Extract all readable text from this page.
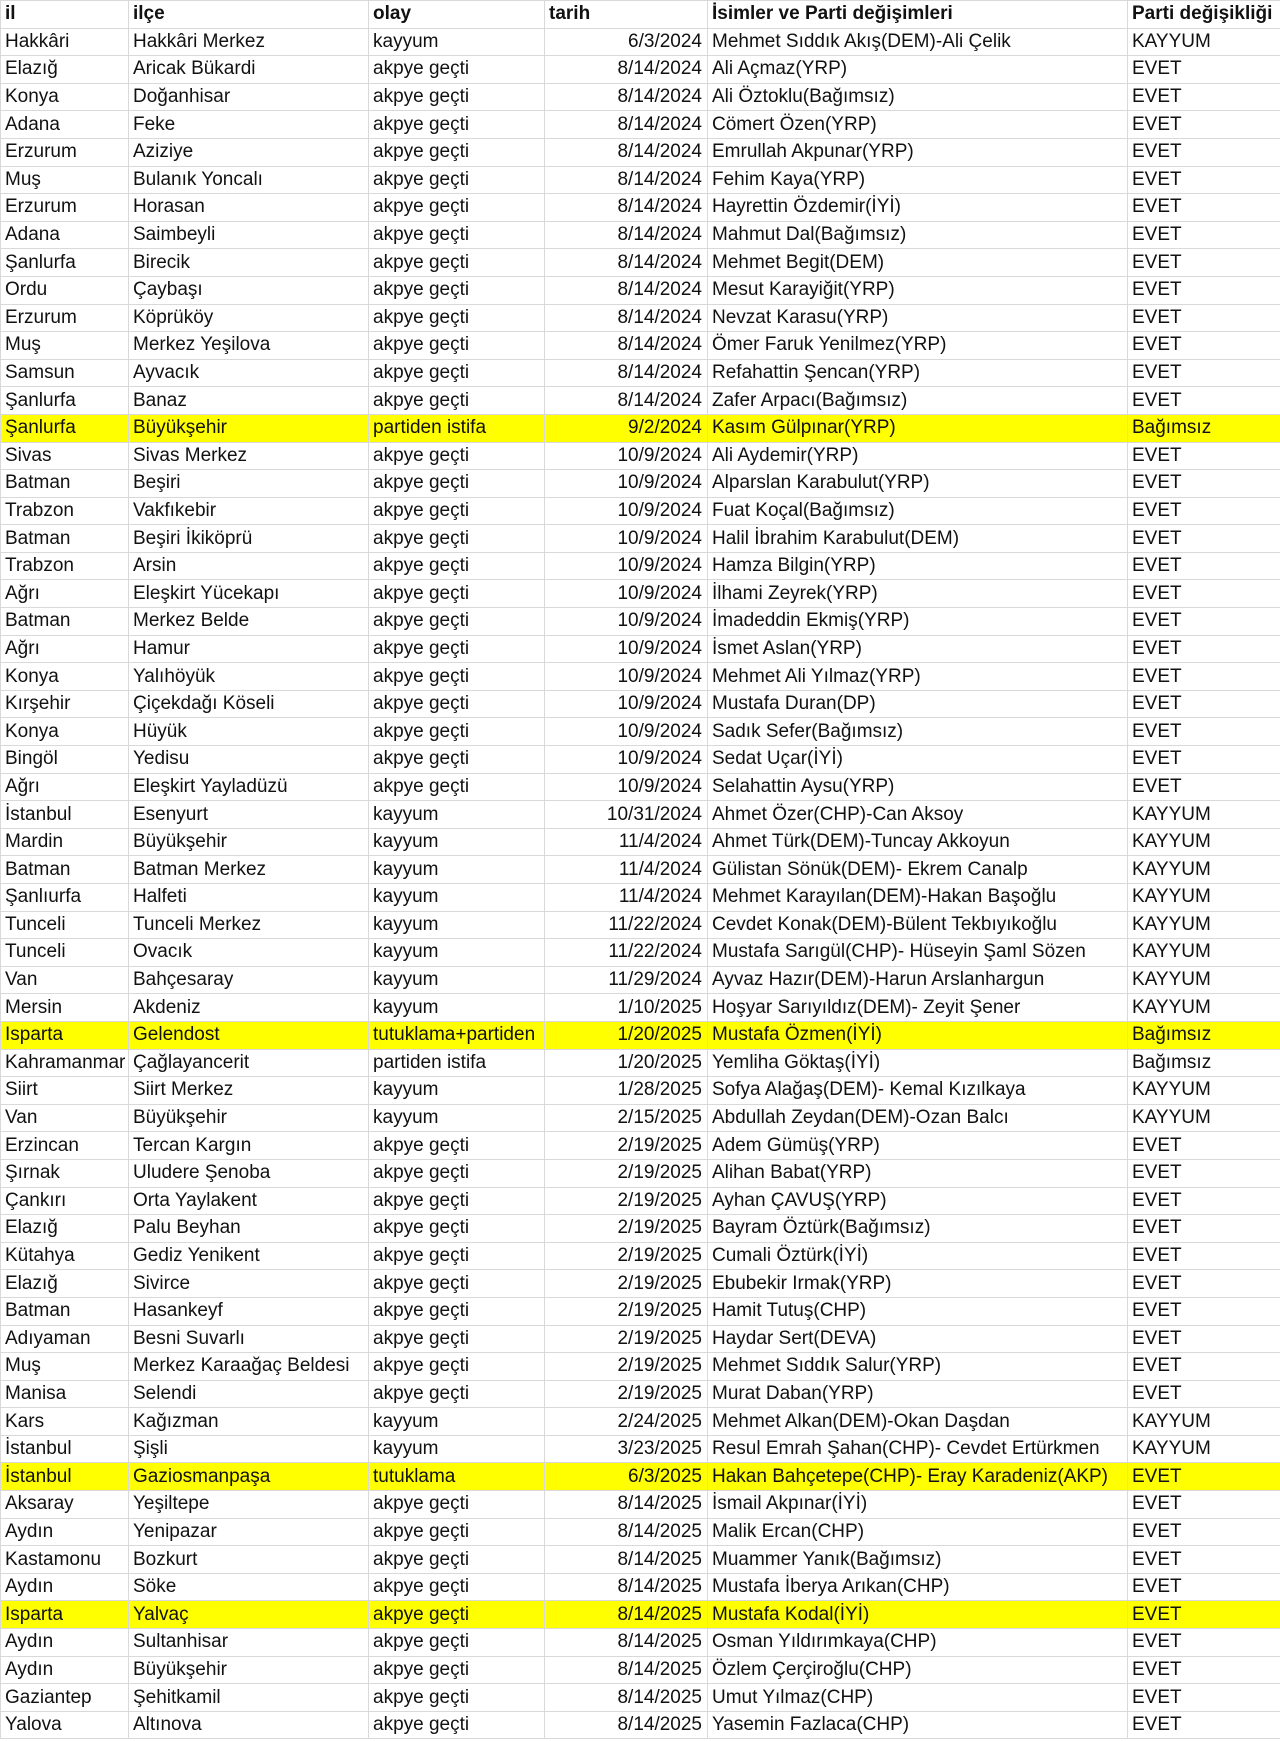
il	ilçe	olay	tarih	İsimler ve Parti değişimleri	Parti değişikliği
Hakkâri	Hakkâri Merkez	kayyum	6/3/2024	Mehmet Sıddık Akış(DEM)-Ali Çelik	KAYYUM
Elazığ	Aricak Bükardi	akpye geçti	8/14/2024	Ali Açmaz(YRP)	EVET
Konya	Doğanhisar	akpye geçti	8/14/2024	Ali Öztoklu(Bağımsız)	EVET
Adana	Feke	akpye geçti	8/14/2024	Cömert Özen(YRP)	EVET
Erzurum	Aziziye	akpye geçti	8/14/2024	Emrullah Akpunar(YRP)	EVET
Muş	Bulanık Yoncalı	akpye geçti	8/14/2024	Fehim Kaya(YRP)	EVET
Erzurum	Horasan	akpye geçti	8/14/2024	Hayrettin Özdemir(İYİ)	EVET
Adana	Saimbeyli	akpye geçti	8/14/2024	Mahmut Dal(Bağımsız)	EVET
Şanlurfa	Birecik	akpye geçti	8/14/2024	Mehmet Begit(DEM)	EVET
Ordu	Çaybaşı	akpye geçti	8/14/2024	Mesut Karayiğit(YRP)	EVET
Erzurum	Köprüköy	akpye geçti	8/14/2024	Nevzat Karasu(YRP)	EVET
Muş	Merkez Yeşilova	akpye geçti	8/14/2024	Ömer Faruk Yenilmez(YRP)	EVET
Samsun	Ayvacık	akpye geçti	8/14/2024	Refahattin Şencan(YRP)	EVET
Şanlurfa	Banaz	akpye geçti	8/14/2024	Zafer Arpacı(Bağımsız)	EVET
Şanlurfa	Büyükşehir	partiden istifa	9/2/2024	Kasım Gülpınar(YRP)	Bağımsız
Sivas	Sivas Merkez	akpye geçti	10/9/2024	Ali Aydemir(YRP)	EVET
Batman	Beşiri	akpye geçti	10/9/2024	Alparslan Karabulut(YRP)	EVET
Trabzon	Vakfıkebir	akpye geçti	10/9/2024	Fuat Koçal(Bağımsız)	EVET
Batman	Beşiri İkiköprü	akpye geçti	10/9/2024	Halil İbrahim Karabulut(DEM)	EVET
Trabzon	Arsin	akpye geçti	10/9/2024	Hamza Bilgin(YRP)	EVET
Ağrı	Eleşkirt Yücekapı	akpye geçti	10/9/2024	İlhami Zeyrek(YRP)	EVET
Batman	Merkez Belde	akpye geçti	10/9/2024	İmadeddin Ekmiş(YRP)	EVET
Ağrı	Hamur	akpye geçti	10/9/2024	İsmet Aslan(YRP)	EVET
Konya	Yalıhöyük	akpye geçti	10/9/2024	Mehmet Ali Yılmaz(YRP)	EVET
Kırşehir	Çiçekdağı Köseli	akpye geçti	10/9/2024	Mustafa Duran(DP)	EVET
Konya	Hüyük	akpye geçti	10/9/2024	Sadık Sefer(Bağımsız)	EVET
Bingöl	Yedisu	akpye geçti	10/9/2024	Sedat Uçar(İYİ)	EVET
Ağrı	Eleşkirt Yayladüzü	akpye geçti	10/9/2024	Selahattin Aysu(YRP)	EVET
İstanbul	Esenyurt	kayyum	10/31/2024	Ahmet Özer(CHP)-Can Aksoy	KAYYUM
Mardin	Büyükşehir	kayyum	11/4/2024	Ahmet Türk(DEM)-Tuncay Akkoyun	KAYYUM
Batman	Batman Merkez	kayyum	11/4/2024	Gülistan Sönük(DEM)- Ekrem Canalp	KAYYUM
Şanlıurfa	Halfeti	kayyum	11/4/2024	Mehmet Karayılan(DEM)-Hakan Başoğlu	KAYYUM
Tunceli	Tunceli Merkez	kayyum	11/22/2024	Cevdet Konak(DEM)-Bülent Tekbıyıkoğlu	KAYYUM
Tunceli	Ovacık	kayyum	11/22/2024	Mustafa Sarıgül(CHP)- Hüseyin Şaml Sözen	KAYYUM
Van	Bahçesaray	kayyum	11/29/2024	Ayvaz Hazır(DEM)-Harun Arslanhargun	KAYYUM
Mersin	Akdeniz	kayyum	1/10/2025	Hoşyar Sarıyıldız(DEM)- Zeyit Şener	KAYYUM
Isparta	Gelendost	tutuklama+partiden	1/20/2025	Mustafa Özmen(İYİ)	Bağımsız
Kahramanmar	Çağlayancerit	partiden istifa	1/20/2025	Yemliha Göktaş(İYİ)	Bağımsız
Siirt	Siirt Merkez	kayyum	1/28/2025	Sofya Alağaş(DEM)- Kemal Kızılkaya	KAYYUM
Van	Büyükşehir	kayyum	2/15/2025	Abdullah Zeydan(DEM)-Ozan Balcı	KAYYUM
Erzincan	Tercan Kargın	akpye geçti	2/19/2025	Adem Gümüş(YRP)	EVET
Şırnak	Uludere Şenoba	akpye geçti	2/19/2025	Alihan Babat(YRP)	EVET
Çankırı	Orta Yaylakent	akpye geçti	2/19/2025	Ayhan ÇAVUŞ(YRP)	EVET
Elazığ	Palu Beyhan	akpye geçti	2/19/2025	Bayram Öztürk(Bağımsız)	EVET
Kütahya	Gediz Yenikent	akpye geçti	2/19/2025	Cumali Öztürk(İYİ)	EVET
Elazığ	Sivirce	akpye geçti	2/19/2025	Ebubekir Irmak(YRP)	EVET
Batman	Hasankeyf	akpye geçti	2/19/2025	Hamit Tutuş(CHP)	EVET
Adıyaman	Besni Suvarlı	akpye geçti	2/19/2025	Haydar Sert(DEVA)	EVET
Muş	Merkez Karaağaç Beldesi	akpye geçti	2/19/2025	Mehmet Sıddık Salur(YRP)	EVET
Manisa	Selendi	akpye geçti	2/19/2025	Murat Daban(YRP)	EVET
Kars	Kağızman	kayyum	2/24/2025	Mehmet Alkan(DEM)-Okan Daşdan	KAYYUM
İstanbul	Şişli	kayyum	3/23/2025	Resul Emrah Şahan(CHP)- Cevdet Ertürkmen	KAYYUM
İstanbul	Gaziosmanpaşa	tutuklama	6/3/2025	Hakan Bahçetepe(CHP)- Eray Karadeniz(AKP)	EVET
Aksaray	Yeşiltepe	akpye geçti	8/14/2025	İsmail Akpınar(İYİ)	EVET
Aydın	Yenipazar	akpye geçti	8/14/2025	Malik Ercan(CHP)	EVET
Kastamonu	Bozkurt	akpye geçti	8/14/2025	Muammer Yanık(Bağımsız)	EVET
Aydın	Söke	akpye geçti	8/14/2025	Mustafa İberya Arıkan(CHP)	EVET
Isparta	Yalvaç	akpye geçti	8/14/2025	Mustafa Kodal(İYİ)	EVET
Aydın	Sultanhisar	akpye geçti	8/14/2025	Osman Yıldırımkaya(CHP)	EVET
Aydın	Büyükşehir	akpye geçti	8/14/2025	Özlem Çerçiroğlu(CHP)	EVET
Gaziantep	Şehitkamil	akpye geçti	8/14/2025	Umut Yılmaz(CHP)	EVET
Yalova	Altınova	akpye geçti	8/14/2025	Yasemin Fazlaca(CHP)	EVET
